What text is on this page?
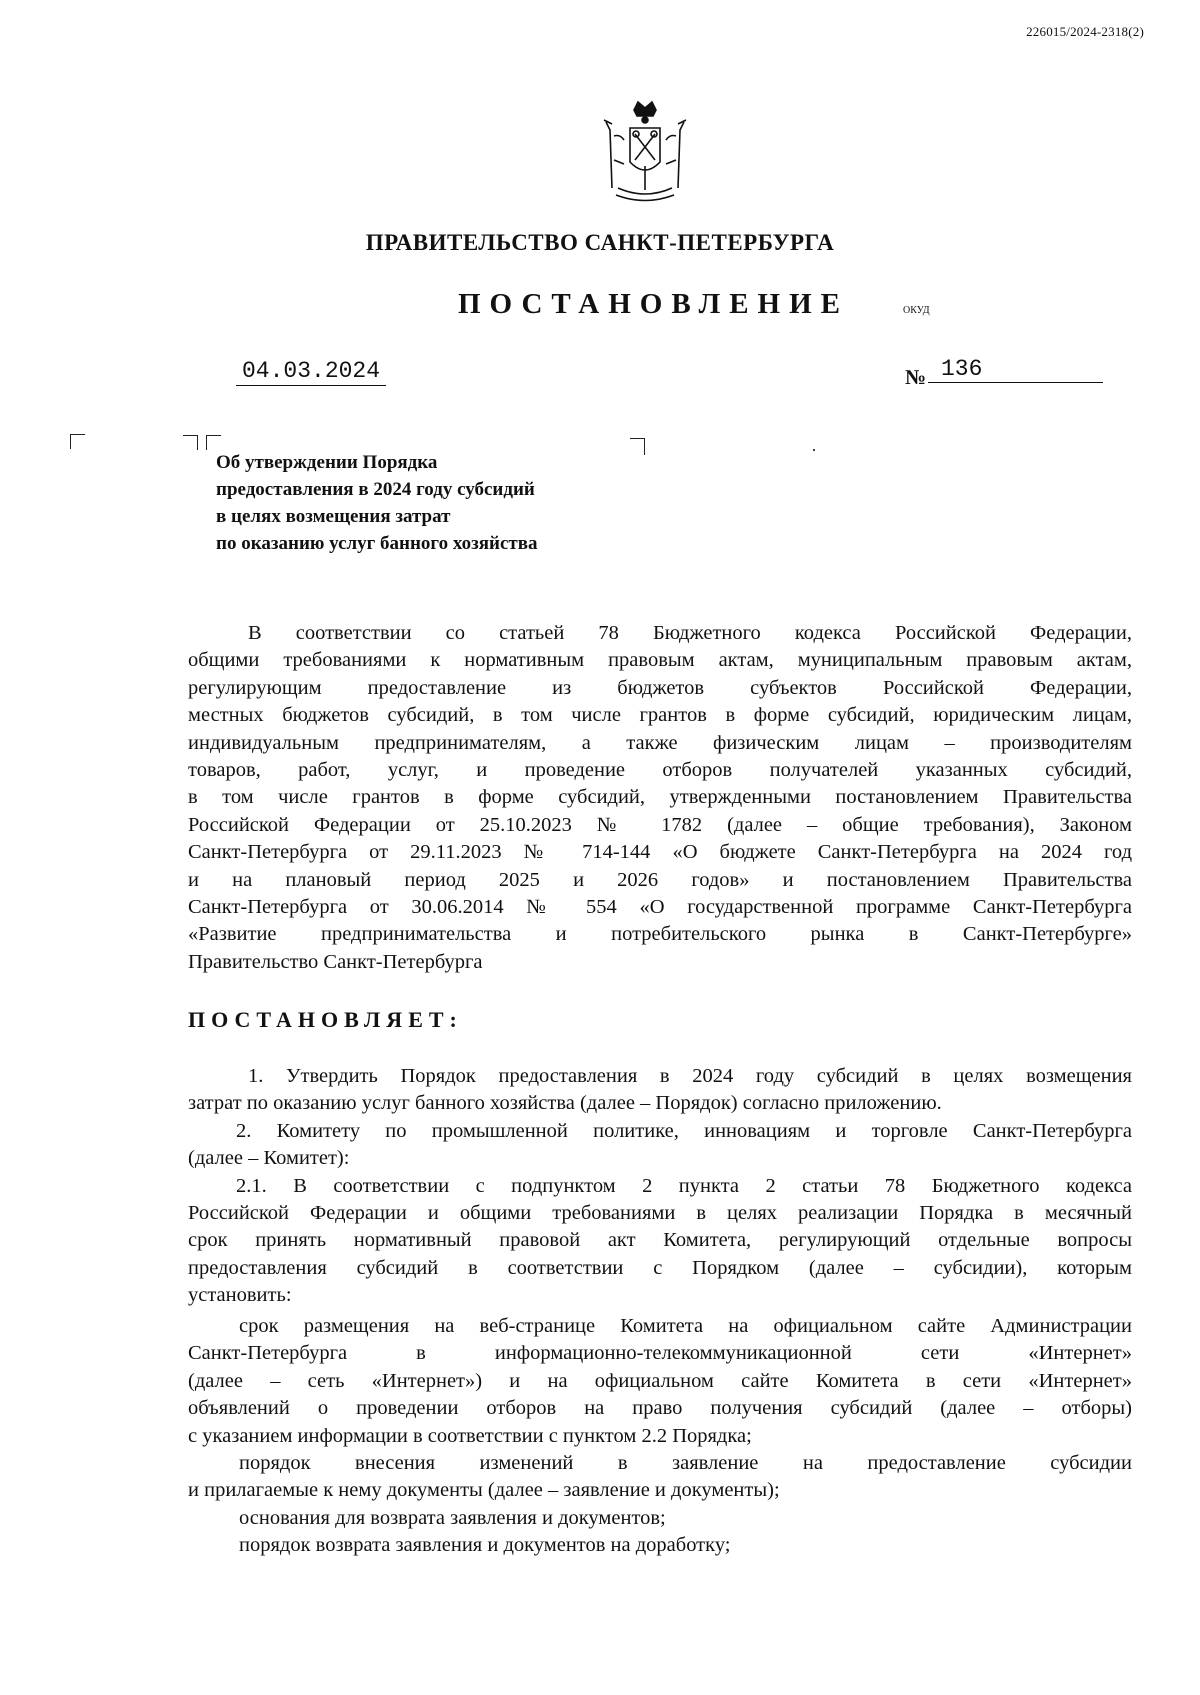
226015/2024-2318(2)
ПРАВИТЕЛЬСТВО САНКТ-ПЕТЕРБУРГА
ПОСТАНОВЛЕНИЕ	ОКУД
04.03.2024	№ 136
Об утверждении Порядка
предоставления в 2024 году субсидий
в целях возмещения затрат
по оказанию услуг банного хозяйства

В соответствии со статьей 78 Бюджетного кодекса Российской Федерации,

общими требованиями к нормативным правовым актам, муниципальным правовым актам,

регулирующим предоставление из бюджетов субъектов Российской Федерации,

местных бюджетов субсидий, в том числе грантов в форме субсидий, юридическим лицам,

индивидуальным предпринимателям, а также физическим лицам – производителям

товаров, работ, услуг, и проведение отборов получателей указанных субсидий,

в том числе грантов в форме субсидий, утвержденными постановлением Правительства

Российской Федерации от 25.10.2023 № 1782 (далее – общие требования), Законом

Санкт-Петербурга от 29.11.2023 № 714-144 «О бюджете Санкт-Петербурга на 2024 год

и на плановый период 2025 и 2026 годов» и постановлением Правительства

Санкт-Петербурга от 30.06.2014 № 554 «О государственной программе Санкт-Петербурга

«Развитие предпринимательства и потребительского рынка в Санкт-Петербурге»

Правительство Санкт-Петербурга

ПОСТАНОВЛЯЕТ:

1. Утвердить Порядок предоставления в 2024 году субсидий в целях возмещения

затрат по оказанию услуг банного хозяйства (далее – Порядок) согласно приложению.

2. Комитету по промышленной политике, инновациям и торговле Санкт-Петербурга

(далее – Комитет):

2.1. В соответствии с подпунктом 2 пункта 2 статьи 78 Бюджетного кодекса

Российской Федерации и общими требованиями в целях реализации Порядка в месячный

срок принять нормативный правовой акт Комитета, регулирующий отдельные вопросы

предоставления субсидий в соответствии с Порядком (далее – субсидии), которым

установить:

срок размещения на веб-странице Комитета на официальном сайте Администрации

Санкт-Петербурга в информационно-телекоммуникационной сети «Интернет»

(далее – сеть «Интернет») и на официальном сайте Комитета в сети «Интернет»

объявлений о проведении отборов на право получения субсидий (далее – отборы)

с указанием информации в соответствии с пунктом 2.2 Порядка;

порядок внесения изменений в заявление на предоставление субсидии

и прилагаемые к нему документы (далее – заявление и документы);

основания для возврата заявления и документов;

порядок возврата заявления и документов на доработку;
